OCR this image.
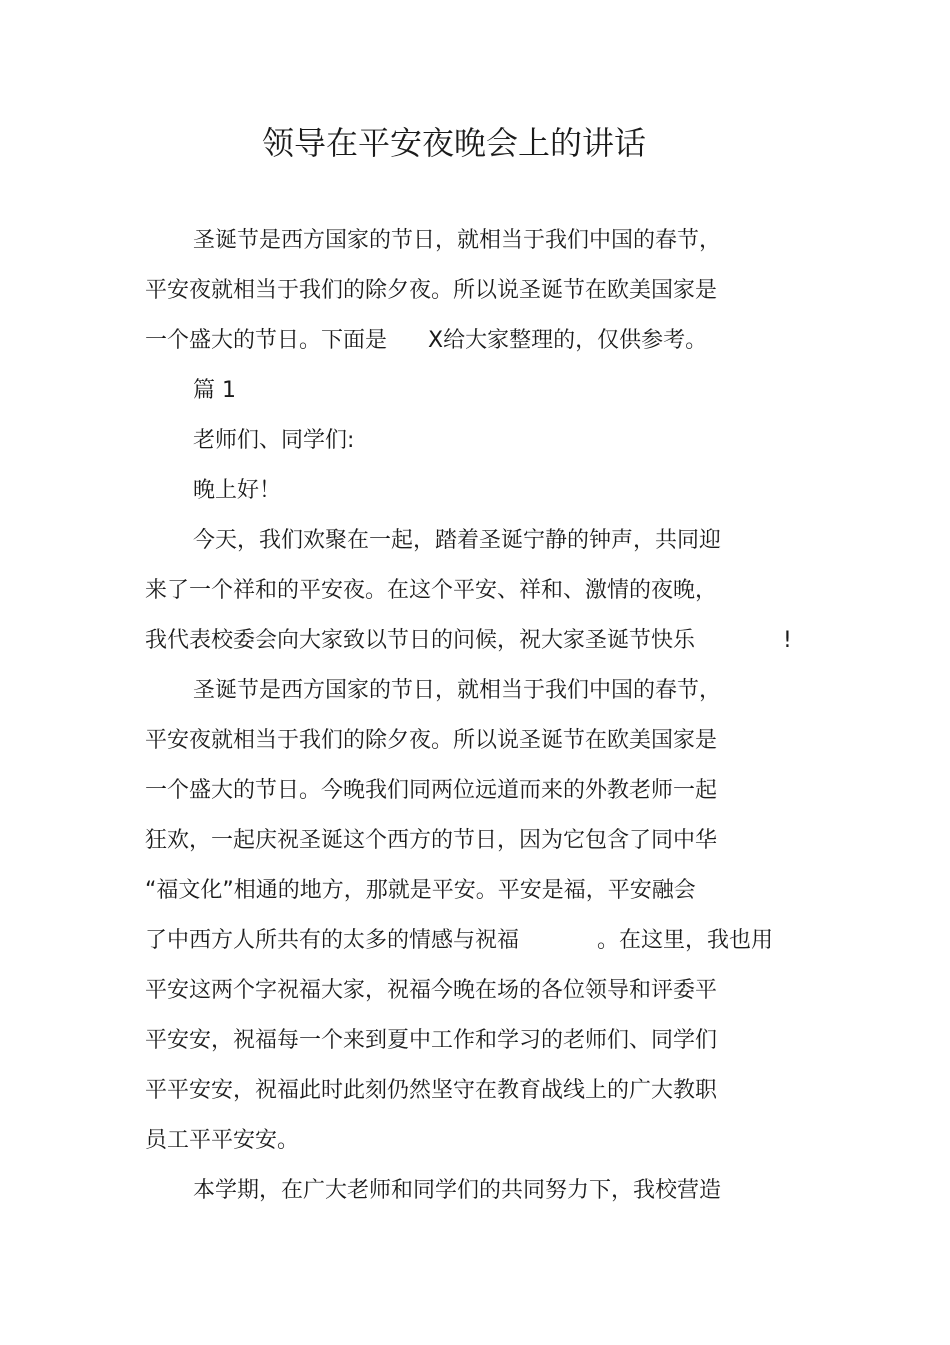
领导在平安夜晚会上的讲话

圣诞节是西方国家的节日，就相当于我们中国的春节，

平安夜就相当于我们的除夕夜。所以说圣诞节在欧美国家是

一个盛大的节日。下面是 X给大家整理的，仅供参考。

篇 1

老师们、同学们:

晚上好！

今天，我们欢聚在一起，踏着圣诞宁静的钟声，共同迎

来了一个祥和的平安夜。在这个平安、祥和、激情的夜晚，

我代表校委会向大家致以节日的问候，祝大家圣诞节快乐	!

圣诞节是西方国家的节日，就相当于我们中国的春节，

平安夜就相当于我们的除夕夜。所以说圣诞节在欧美国家是

一个盛大的节日。今晚我们同两位远道而来的外教老师一起

狂欢，一起庆祝圣诞这个西方的节日，因为它包含了同中华

“福文化”相通的地方，那就是平安。平安是福，平安融会

了中西方人所共有的太多的情感与祝福	。在这里，我也用

平安这两个字祝福大家，祝福今晚在场的各位领导和评委平

平安安，祝福每一个来到夏中工作和学习的老师们、同学们

平平安安，祝福此时此刻仍然坚守在教育战线上的广大教职

员工平平安安。

本学期，在广大老师和同学们的共同努力下，我校营造
